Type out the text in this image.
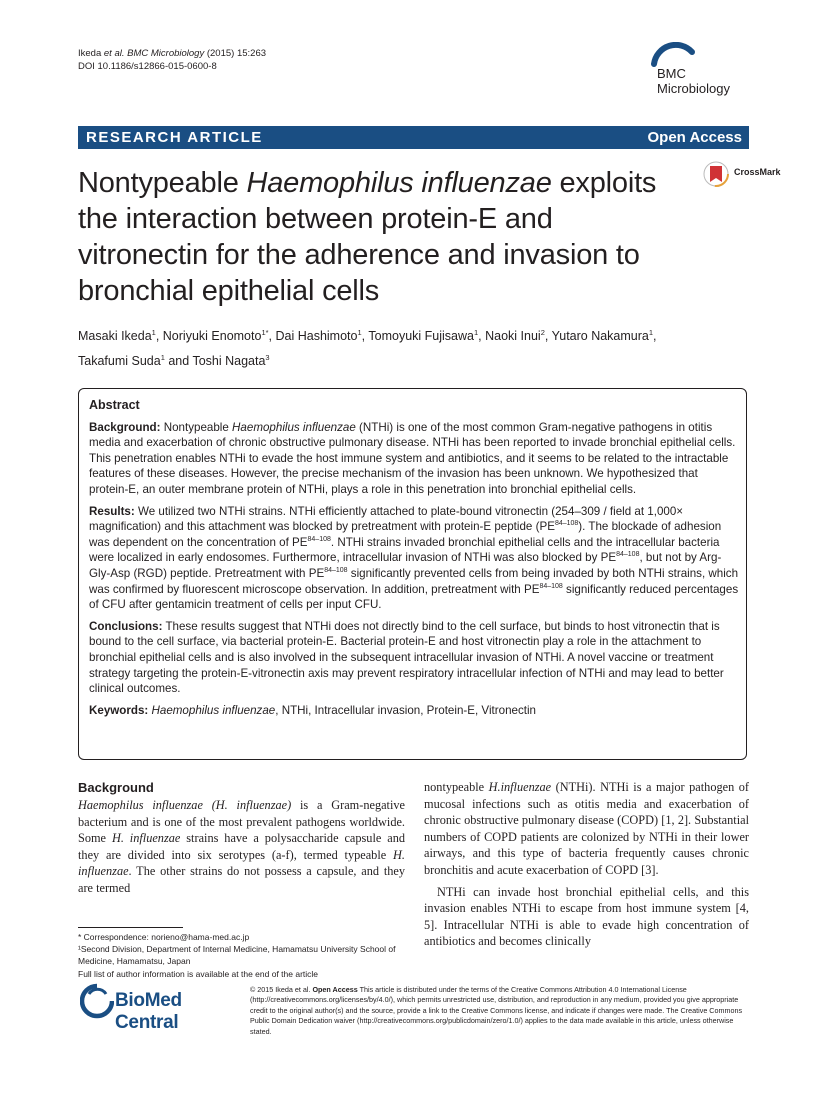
Ikeda et al. BMC Microbiology (2015) 15:263
DOI 10.1186/s12866-015-0600-8	BMC
Microbiology
RESEARCH ARTICLE	Open Access
CrossMark
Nontypeable Haemophilus influenzae exploits the interaction between protein-E and vitronectin for the adherence and invasion to bronchial epithelial cells
Masaki Ikeda$^1$, Noriyuki Enomoto$^{1*}$, Dai Hashimoto$^1$, Tomoyuki Fujisawa$^1$, Naoki Inui$^2$, Yutaro Nakamura$^1$,
Takafumi Suda$^1$ and Toshi Nagata$^3$
Abstract

Background: Nontypeable Haemophilus influenzae (NTHi) is one of the most common Gram-negative pathogens in otitis media and exacerbation of chronic obstructive pulmonary disease. NTHi has been reported to invade bronchial epithelial cells. This penetration enables NTHi to evade the host immune system and antibiotics, and it seems to be related to the intractable features of these diseases. However, the precise mechanism of the invasion has been unknown. We hypothesized that protein-E, an outer membrane protein of NTHi, plays a role in this penetration into bronchial epithelial cells.

Results: We utilized two NTHi strains. NTHi efficiently attached to plate-bound vitronectin (254–309 / field at 1,000× magnification) and this attachment was blocked by pretreatment with protein-E peptide (PE$^{84-108}$). The blockade of adhesion was dependent on the concentration of PE$^{84-108}$. NTHi strains invaded bronchial epithelial cells and the intracellular bacteria were localized in early endosomes. Furthermore, intracellular invasion of NTHi was also blocked by PE$^{84-108}$, but not by Arg-Gly-Asp (RGD) peptide. Pretreatment with PE$^{84-108}$ significantly prevented cells from being invaded by both NTHi strains, which was confirmed by fluorescent microscope observation. In addition, pretreatment with PE$^{84-108}$ significantly reduced percentages of CFU after gentamicin treatment of cells per input CFU.

Conclusions: These results suggest that NTHi does not directly bind to the cell surface, but binds to host vitronectin that is bound to the cell surface, via bacterial protein-E. Bacterial protein-E and host vitronectin play a role in the attachment to bronchial epithelial cells and is also involved in the subsequent intracellular invasion of NTHi. A novel vaccine or treatment strategy targeting the protein-E-vitronectin axis may prevent respiratory intracellular infection of NTHi and may lead to better clinical outcomes.

Keywords: Haemophilus influenzae, NTHi, Intracellular invasion, Protein-E, Vitronectin

Background
Haemophilus influenzae (H. influenzae) is a Gram-negative bacterium and is one of the most prevalent pathogens worldwide. Some H. influenzae strains have a polysaccharide capsule and they are divided into six serotypes (a-f), termed typeable H. influenzae. The other strains do not possess a capsule, and they are termed

nontypeable H.influenzae (NTHi). NTHi is a major pathogen of mucosal infections such as otitis media and exacerbation of chronic obstructive pulmonary disease (COPD) [1, 2]. Substantial numbers of COPD patients are colonized by NTHi in their lower airways, and this type of bacteria frequently causes chronic bronchitis and acute exacerbation of COPD [3].

NTHi can invade host bronchial epithelial cells, and this invasion enables NTHi to escape from host immune system [4, 5]. Intracellular NTHi is able to evade high concentration of antibiotics and becomes clinically

* Correspondence: norieno@hama-med.ac.jp
¹Second Division, Department of Internal Medicine, Hamamatsu University School of Medicine, Hamamatsu, Japan
Full list of author information is available at the end of the article
BioMed Central
© 2015 Ikeda et al. Open Access This article is distributed under the terms of the Creative Commons Attribution 4.0 International License (http://creativecommons.org/licenses/by/4.0/), which permits unrestricted use, distribution, and reproduction in any medium, provided you give appropriate credit to the original author(s) and the source, provide a link to the Creative Commons license, and indicate if changes were made. The Creative Commons Public Domain Dedication waiver (http://creativecommons.org/publicdomain/zero/1.0/) applies to the data made available in this article, unless otherwise stated.
